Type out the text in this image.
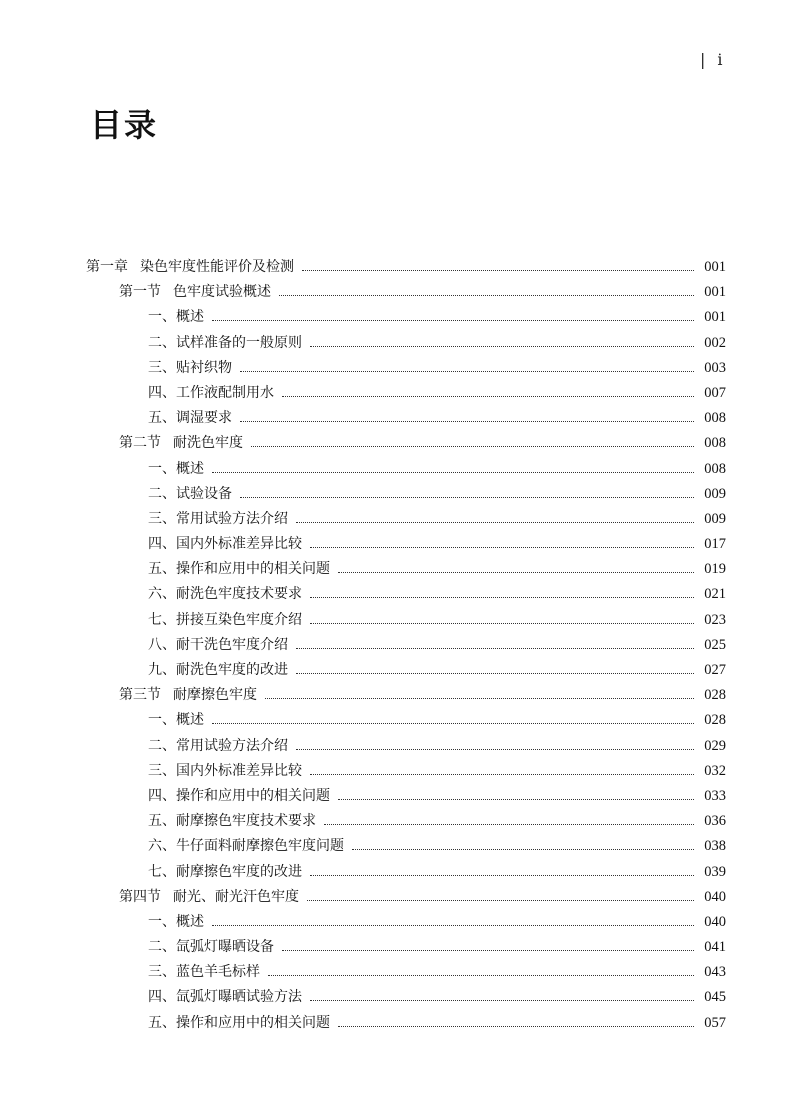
| i
目录
第一章 染色牢度性能评价及检测	001
第一节 色牢度试验概述	001
一、 概述	001
二、 试样准备的一般原则	002
三、 贴衬织物	003
四、 工作液配制用水	007
五、 调湿要求	008
第二节 耐洗色牢度	008
一、 概述	008
二、 试验设备	009
三、 常用试验方法介绍	009
四、 国内外标准差异比较	017
五、 操作和应用中的相关问题	019
六、 耐洗色牢度技术要求	021
七、 拼接互染色牢度介绍	023
八、 耐干洗色牢度介绍	025
九、 耐洗色牢度的改进	027
第三节 耐摩擦色牢度	028
一、 概述	028
二、 常用试验方法介绍	029
三、 国内外标准差异比较	032
四、 操作和应用中的相关问题	033
五、 耐摩擦色牢度技术要求	036
六、 牛仔面料耐摩擦色牢度问题	038
七、 耐摩擦色牢度的改进	039
第四节 耐光、耐光汗色牢度	040
一、 概述	040
二、 氙弧灯曝晒设备	041
三、 蓝色羊毛标样	043
四、 氙弧灯曝晒试验方法	045
五、 操作和应用中的相关问题	057
